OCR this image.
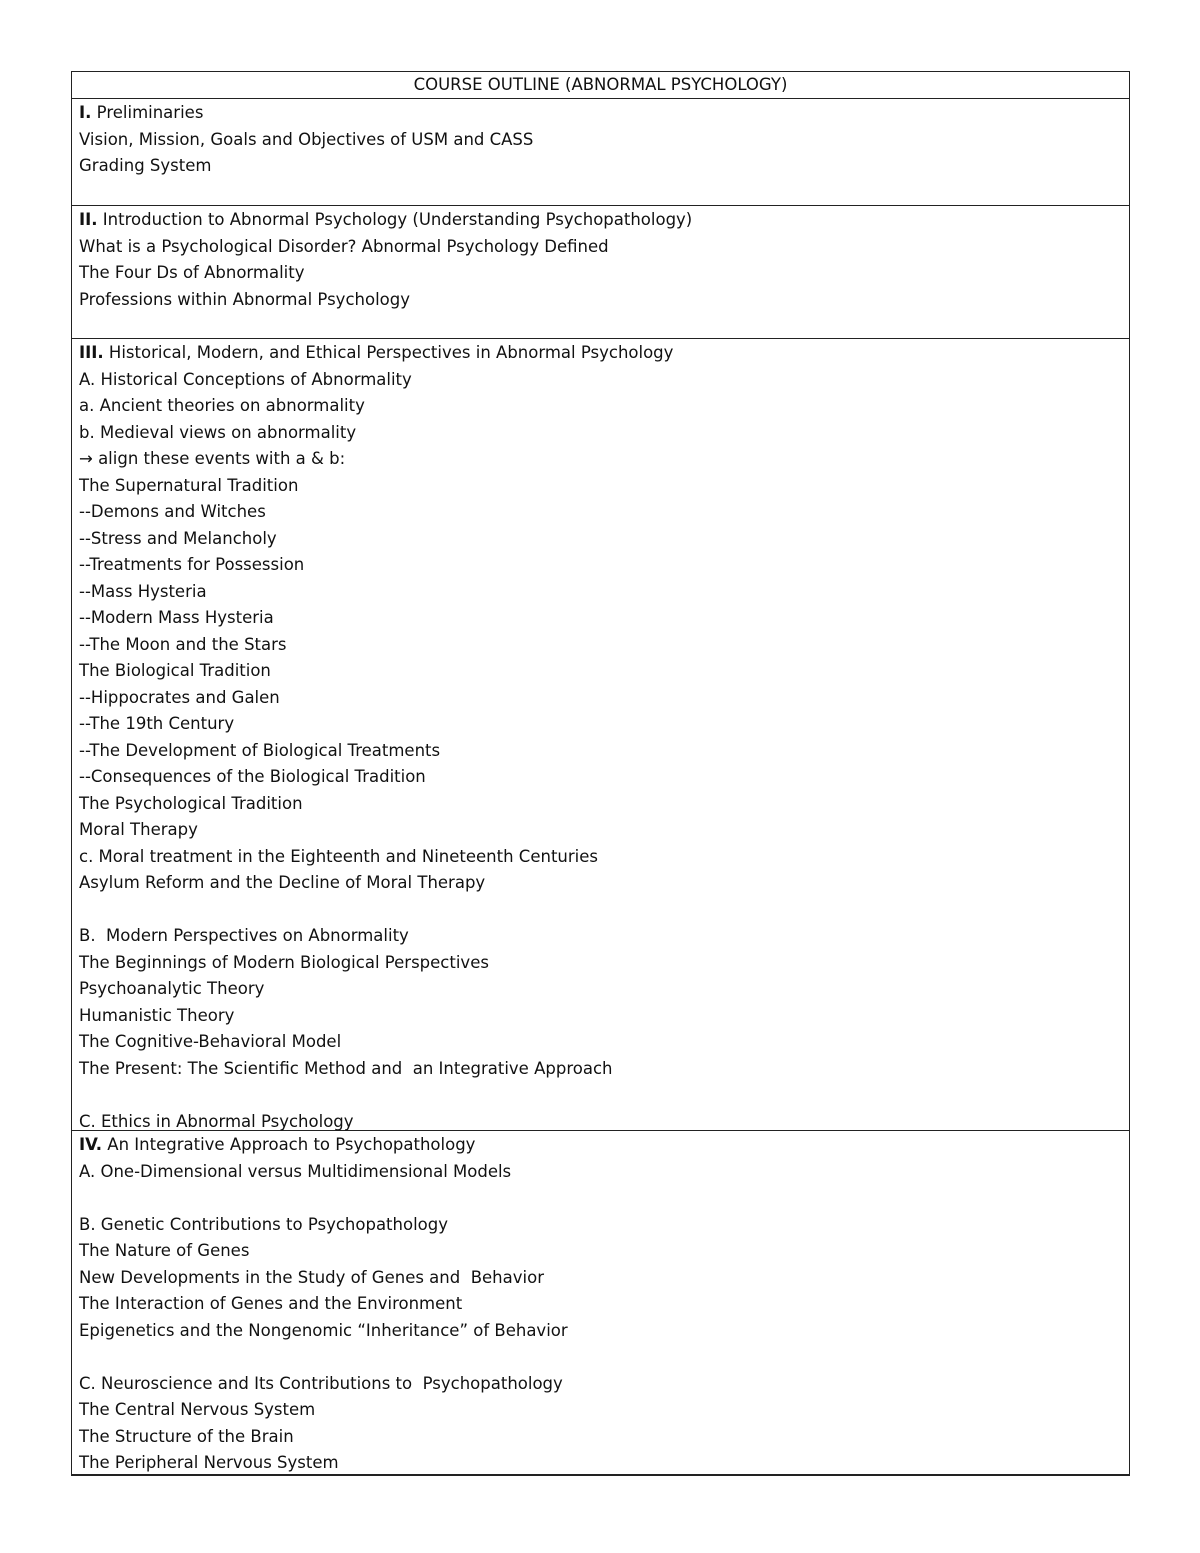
COURSE OUTLINE (ABNORMAL PSYCHOLOGY)
I. Preliminaries
Vision, Mission, Goals and Objectives of USM and CASS
Grading System
II. Introduction to Abnormal Psychology (Understanding Psychopathology)
What is a Psychological Disorder? Abnormal Psychology Defined
The Four Ds of Abnormality
Professions within Abnormal Psychology
III. Historical, Modern, and Ethical Perspectives in Abnormal Psychology
A. Historical Conceptions of Abnormality
a. Ancient theories on abnormality
b. Medieval views on abnormality
→ align these events with a & b:
The Supernatural Tradition
--Demons and Witches
--Stress and Melancholy
--Treatments for Possession
--Mass Hysteria
--Modern Mass Hysteria
--The Moon and the Stars
The Biological Tradition
--Hippocrates and Galen
--The 19th Century
--The Development of Biological Treatments
--Consequences of the Biological Tradition
The Psychological Tradition
Moral Therapy
c. Moral treatment in the Eighteenth and Nineteenth Centuries
Asylum Reform and the Decline of Moral Therapy
B.  Modern Perspectives on Abnormality
The Beginnings of Modern Biological Perspectives
Psychoanalytic Theory
Humanistic Theory
The Cognitive-Behavioral Model
The Present: The Scientific Method and  an Integrative Approach
C. Ethics in Abnormal Psychology
IV. An Integrative Approach to Psychopathology
A. One-Dimensional versus Multidimensional Models
B. Genetic Contributions to Psychopathology
The Nature of Genes
New Developments in the Study of Genes and  Behavior
The Interaction of Genes and the Environment
Epigenetics and the Nongenomic “Inheritance” of Behavior
C. Neuroscience and Its Contributions to  Psychopathology
The Central Nervous System
The Structure of the Brain
The Peripheral Nervous System
